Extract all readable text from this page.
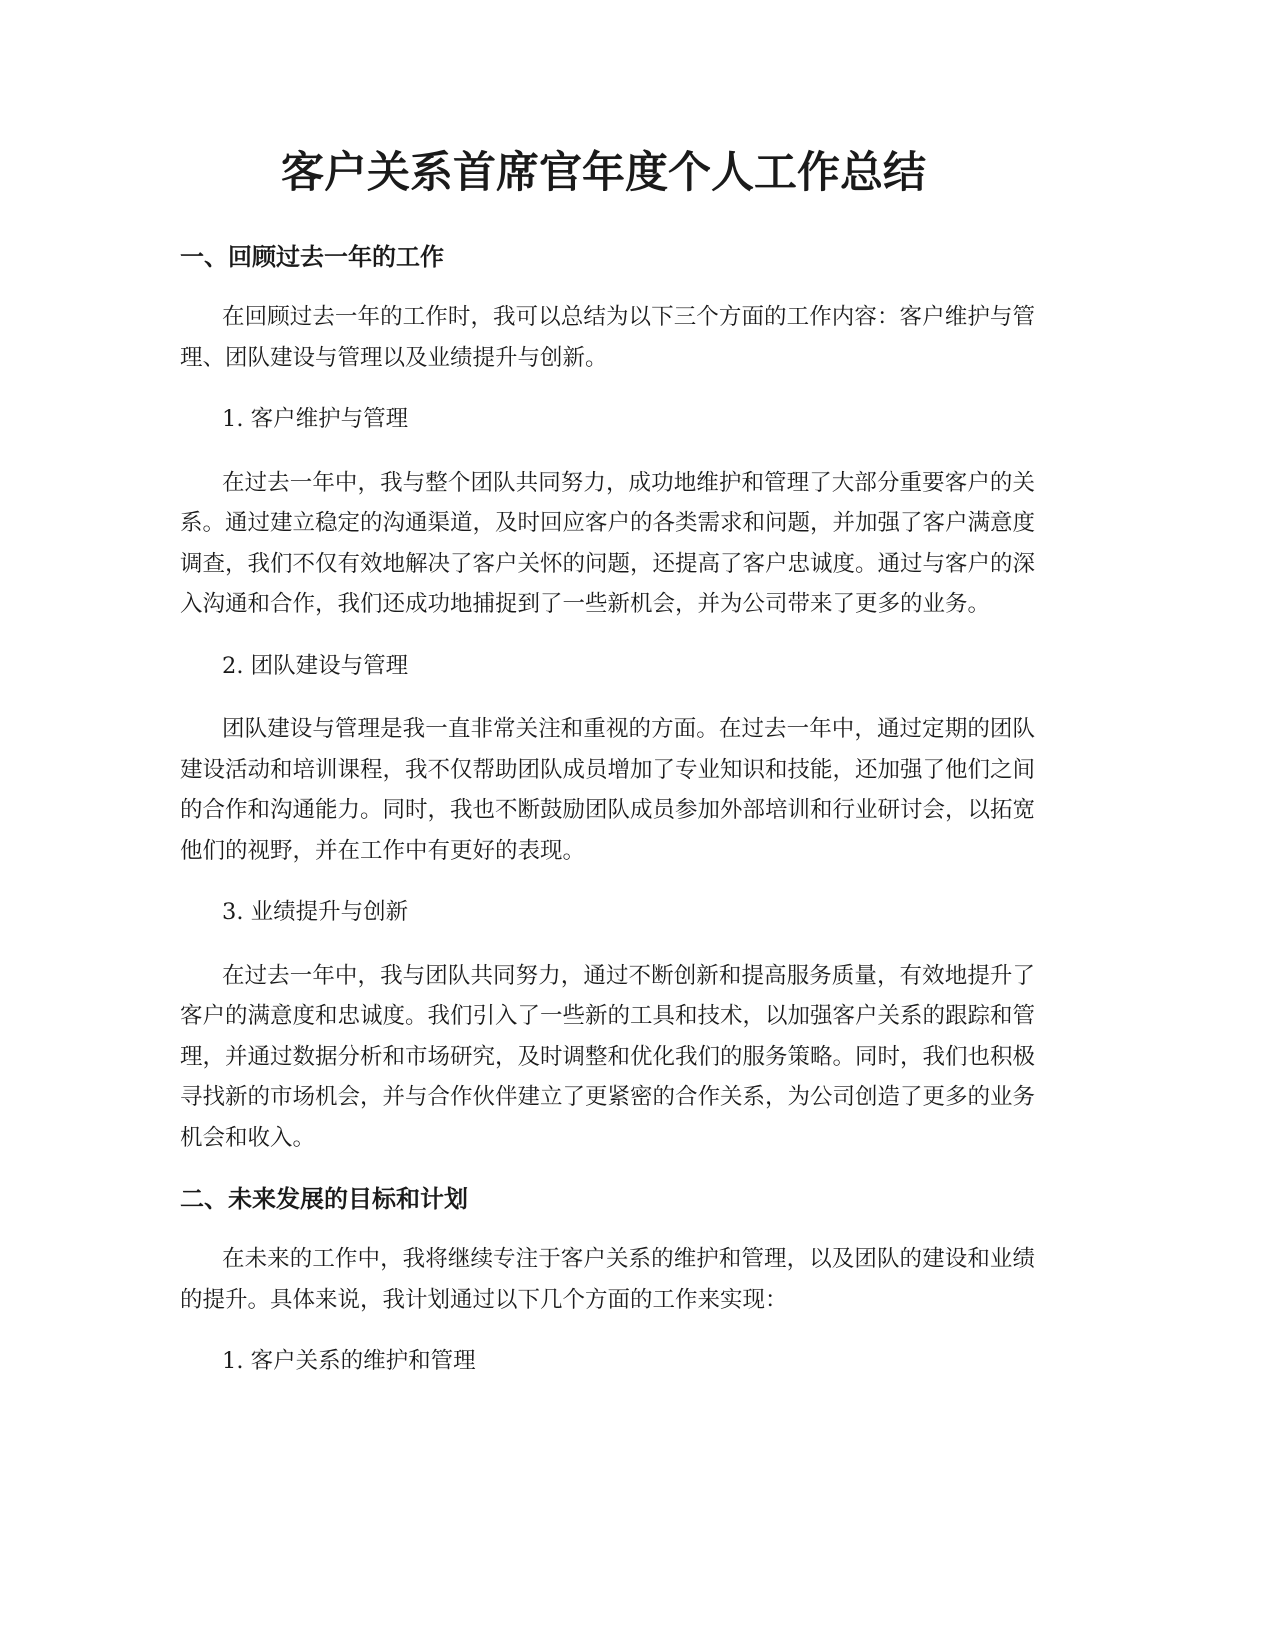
客户关系首席官年度个人工作总结
一、回顾过去一年的工作

在回顾过去一年的工作时，我可以总结为以下三个方面的工作内容：客户维护与管理、团队建设与管理以及业绩提升与创新。

1. 客户维护与管理

在过去一年中，我与整个团队共同努力，成功地维护和管理了大部分重要客户的关系。通过建立稳定的沟通渠道，及时回应客户的各类需求和问题，并加强了客户满意度调查，我们不仅有效地解决了客户关怀的问题，还提高了客户忠诚度。通过与客户的深入沟通和合作，我们还成功地捕捉到了一些新机会，并为公司带来了更多的业务。

2. 团队建设与管理

团队建设与管理是我一直非常关注和重视的方面。在过去一年中，通过定期的团队建设活动和培训课程，我不仅帮助团队成员增加了专业知识和技能，还加强了他们之间的合作和沟通能力。同时，我也不断鼓励团队成员参加外部培训和行业研讨会，以拓宽他们的视野，并在工作中有更好的表现。

3. 业绩提升与创新

在过去一年中，我与团队共同努力，通过不断创新和提高服务质量，有效地提升了客户的满意度和忠诚度。我们引入了一些新的工具和技术，以加强客户关系的跟踪和管理，并通过数据分析和市场研究，及时调整和优化我们的服务策略。同时，我们也积极寻找新的市场机会，并与合作伙伴建立了更紧密的合作关系，为公司创造了更多的业务机会和收入。

二、未来发展的目标和计划

在未来的工作中，我将继续专注于客户关系的维护和管理，以及团队的建设和业绩的提升。具体来说，我计划通过以下几个方面的工作来实现：

1. 客户关系的维护和管理
